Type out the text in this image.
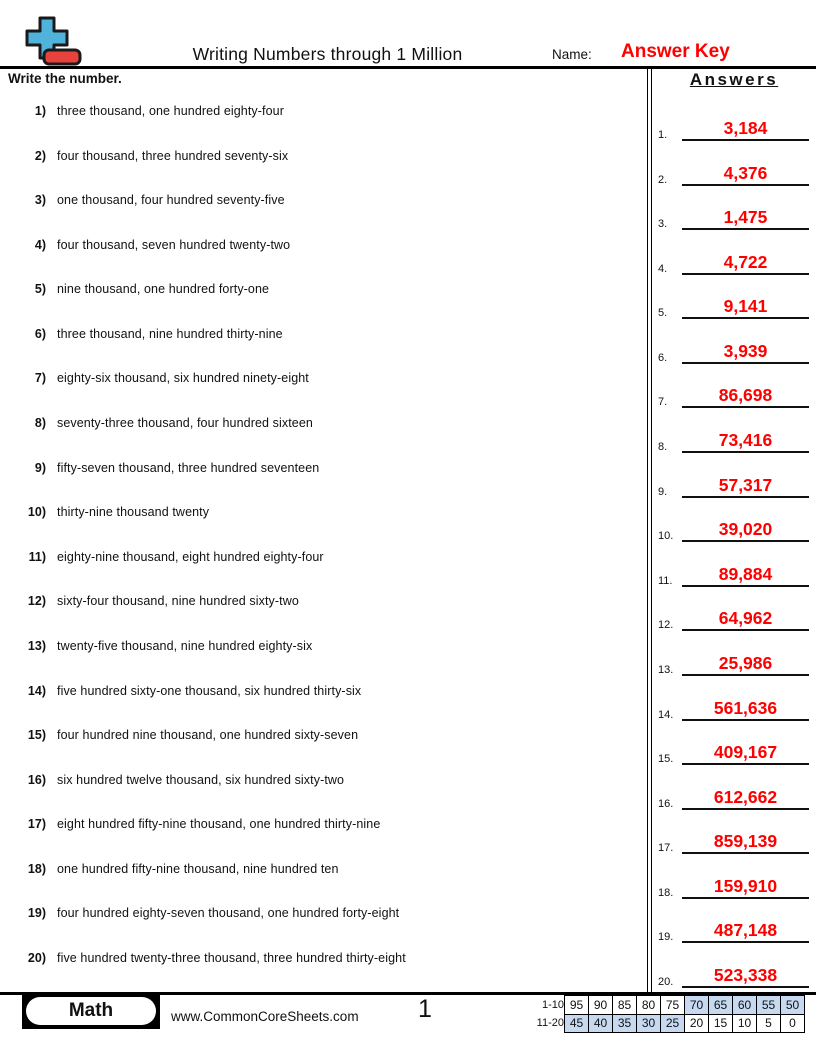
Writing Numbers through 1 Million	Name: Answer Key
Write the number.	Answers
1) three thousand, one hundred eighty-four
2) four thousand, three hundred seventy-six
3) one thousand, four hundred seventy-five
4) four thousand, seven hundred twenty-two
5) nine thousand, one hundred forty-one
6) three thousand, nine hundred thirty-nine
7) eighty-six thousand, six hundred ninety-eight
8) seventy-three thousand, four hundred sixteen
9) fifty-seven thousand, three hundred seventeen
10) thirty-nine thousand twenty
11) eighty-nine thousand, eight hundred eighty-four
12) sixty-four thousand, nine hundred sixty-two
13) twenty-five thousand, nine hundred eighty-six
14) five hundred sixty-one thousand, six hundred thirty-six
15) four hundred nine thousand, one hundred sixty-seven
16) six hundred twelve thousand, six hundred sixty-two
17) eight hundred fifty-nine thousand, one hundred thirty-nine
18) one hundred fifty-nine thousand, nine hundred ten
19) four hundred eighty-seven thousand, one hundred forty-eight
20) five hundred twenty-three thousand, three hundred thirty-eight
1.	3,184
2.	4,376
3.	1,475
4.	4,722
5.	9,141
6.	3,939
7.	86,698
8.	73,416
9.	57,317
10.	39,020
11.	89,884
12.	64,962
13.	25,986
14.	561,636
15.	409,167
16.	612,662
17.	859,139
18.	159,910
19.	487,148
20.	523,338
Math	www.CommonCoreSheets.com	1	1-10	95	90	85	80	75	70	65	60	55	50
11-20	45	40	35	30	25	20	15	10	5	0
